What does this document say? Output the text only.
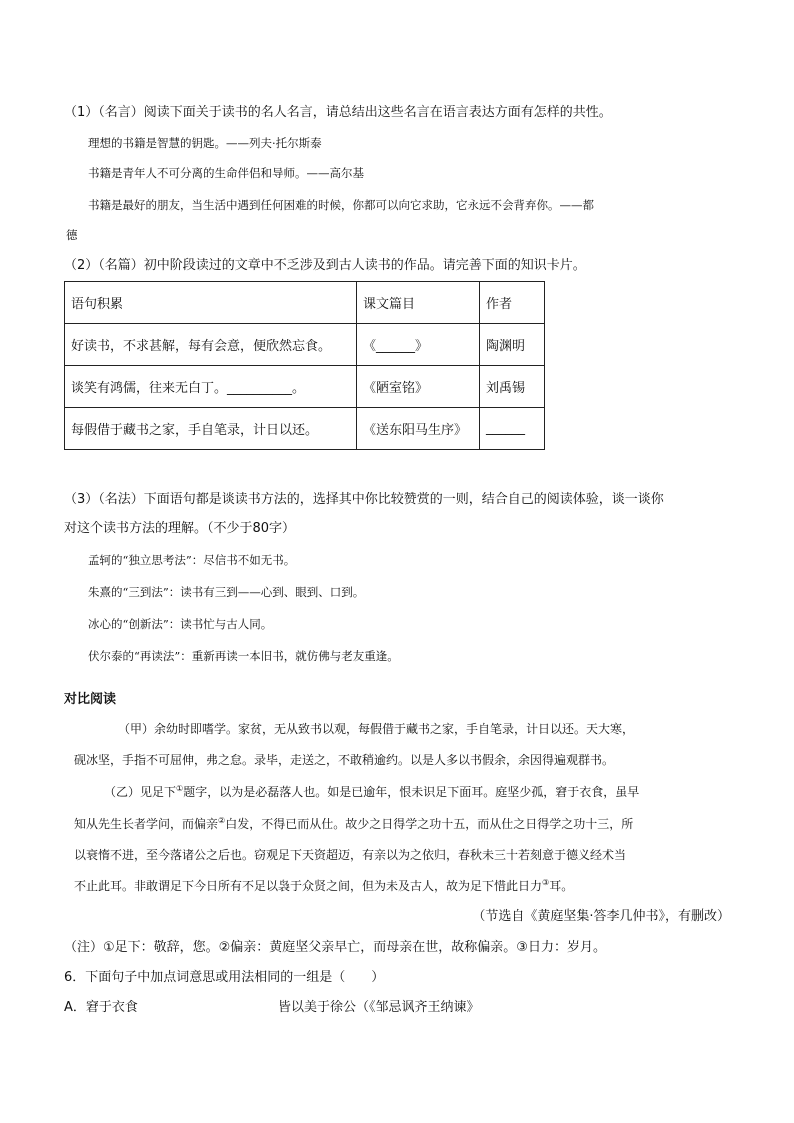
（1）（名言）阅读下面关于读书的名人名言，请总结出这些名言在语言表达方面有怎样的共性。
理想的书籍是智慧的钥匙。——列夫·托尔斯泰
书籍是青年人不可分离的生命伴侣和导师。——高尔基
书籍是最好的朋友，当生活中遇到任何困难的时候，你都可以向它求助，它永远不会背弃你。——都
德
（2）（名篇）初中阶段读过的文章中不乏涉及到古人读书的作品。请完善下面的知识卡片。
语句积累	课文篇目	作者
好读书，不求甚解，每有会意，便欣然忘食。	《______》	陶渊明
谈笑有鸿儒，往来无白丁。__________。	《陋室铭》	刘禹锡
每假借于藏书之家，手自笔录，计日以还。	《送东阳马生序》	______
（3）（名法）下面语句都是谈读书方法的，选择其中你比较赞赏的一则，结合自己的阅读体验，谈一谈你
对这个读书方法的理解。（不少于80字）
孟轲的“独立思考法”：尽信书不如无书。
朱熹的“三到法”：读书有三到——心到、眼到、口到。
冰心的“创新法”：读书忙与古人同。
伏尔泰的“再读法”：重新再读一本旧书，就仿佛与老友重逢。
对比阅读
（甲）余幼时即嗜学。家贫，无从致书以观，每假借于藏书之家，手自笔录，计日以还。天大寒，
砚冰坚，手指不可屈伸，弗之怠。录毕，走送之，不敢稍逾约。以是人多以书假余，余因得遍观群书。
（乙）见足下①题字，以为是必磊落人也。如是已逾年，恨未识足下面耳。庭坚少孤，窘于衣食，虽早
知从先生长者学问，而偏亲②白发，不得已而从仕。故少之日得学之功十五，而从仕之日得学之功十三，所
以衰惰不进，至今落诸公之后也。窃观足下天资超迈，有亲以为之依归，春秋未三十若刻意于德义经术当
不止此耳。非敢谓足下今日所有不足以袅于众贤之间，但为未及古人，故为足下惜此日力③耳。
（节选自《黄庭坚集·答李几仲书》，有删改）
（注）①足下：敬辞，您。②偏亲：黄庭坚父亲早亡，而母亲在世，故称偏亲。③日力：岁月。
6．下面句子中加点词意思或用法相同的一组是（　　）
A．窘于衣食	皆以美于徐公（《邹忌讽齐王纳谏》
